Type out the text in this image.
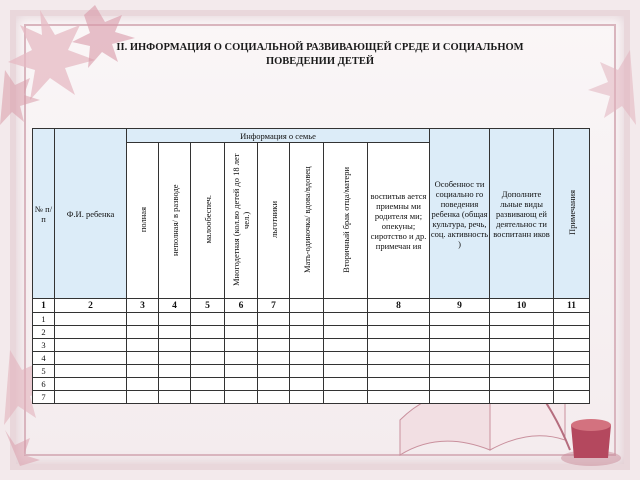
II. ИНФОРМАЦИЯ О СОЦИАЛЬНОЙ РАЗВИВАЮЩЕЙ СРЕДЕ И СОЦИАЛЬНОМ
ПОВЕДЕНИИ ДЕТЕЙ
№ п/п	Ф.И. ребенка	Информация о семье								Особеннос ти социально го поведения ребенка (общая культура, речь, соц. активность )	Дополните льные виды развивающ ей деятельнос ти воспитанн иков	Примечания
		полная	неполная/ в разводе	малообеспеч.	Многодетная (кол.во детей до 18 лет чел.)	льготники	Мать-одиночка/ вдова/вдовец	Вторичный брак отца/матери	воспитыв ается приемны ми родителя ми; опекуны; сиротство и др. примечан ия			
1	2	3	4	5	6	7			8	9	10	11
1												
2												
3												
4												
5												
6												
7												
